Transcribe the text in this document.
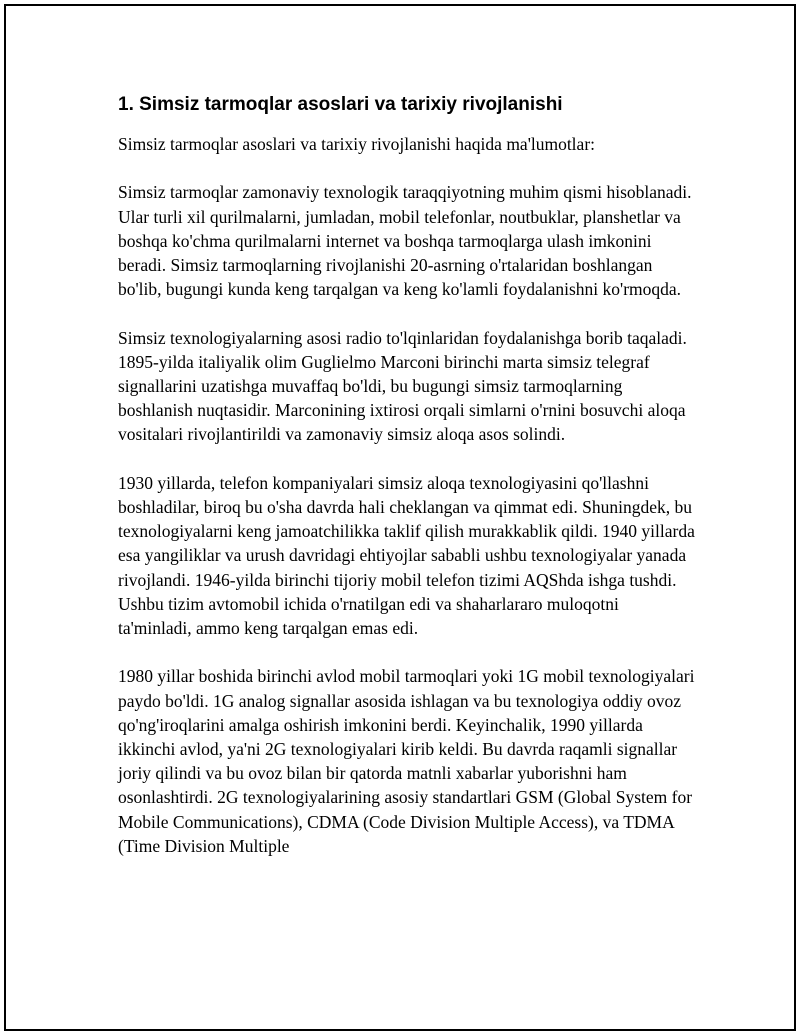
1. Simsiz tarmoqlar asoslari va tarixiy rivojlanishi

Simsiz tarmoqlar asoslari va tarixiy rivojlanishi haqida ma'lumotlar:

Simsiz tarmoqlar zamonaviy texnologik taraqqiyotning muhim qismi hisoblanadi. Ular turli xil qurilmalarni, jumladan, mobil telefonlar, noutbuklar, planshetlar va boshqa ko'chma qurilmalarni internet va boshqa tarmoqlarga ulash imkonini beradi. Simsiz tarmoqlarning rivojlanishi 20-asrning o'rtalaridan boshlangan bo'lib, bugungi kunda keng tarqalgan va keng ko'lamli foydalanishni ko'rmoqda.

Simsiz texnologiyalarning asosi radio to'lqinlaridan foydalanishga borib taqaladi. 1895-yilda italiyalik olim Guglielmo Marconi birinchi marta simsiz telegraf signallarini uzatishga muvaffaq bo'ldi, bu bugungi simsiz tarmoqlarning boshlanish nuqtasidir. Marconining ixtirosi orqali simlarni o'rnini bosuvchi aloqa vositalari rivojlantirildi va zamonaviy simsiz aloqa asos solindi.

1930 yillarda, telefon kompaniyalari simsiz aloqa texnologiyasini qo'llashni boshladilar, biroq bu o'sha davrda hali cheklangan va qimmat edi. Shuningdek, bu texnologiyalarni keng jamoatchilikka taklif qilish murakkablik qildi. 1940 yillarda esa yangiliklar va urush davridagi ehtiyojlar sababli ushbu texnologiyalar yanada rivojlandi. 1946-yilda birinchi tijoriy mobil telefon tizimi AQShda ishga tushdi. Ushbu tizim avtomobil ichida o'rnatilgan edi va shaharlararo muloqotni ta'minladi, ammo keng tarqalgan emas edi.

1980 yillar boshida birinchi avlod mobil tarmoqlari yoki 1G mobil texnologiyalari paydo bo'ldi. 1G analog signallar asosida ishlagan va bu texnologiya oddiy ovoz qo'ng'iroqlarini amalga oshirish imkonini berdi. Keyinchalik, 1990 yillarda ikkinchi avlod, ya'ni 2G texnologiyalari kirib keldi. Bu davrda raqamli signallar joriy qilindi va bu ovoz bilan bir qatorda matnli xabarlar yuborishni ham osonlashtirdi. 2G texnologiyalarining asosiy standartlari GSM (Global System for Mobile Communications), CDMA (Code Division Multiple Access), va TDMA (Time Division Multiple
